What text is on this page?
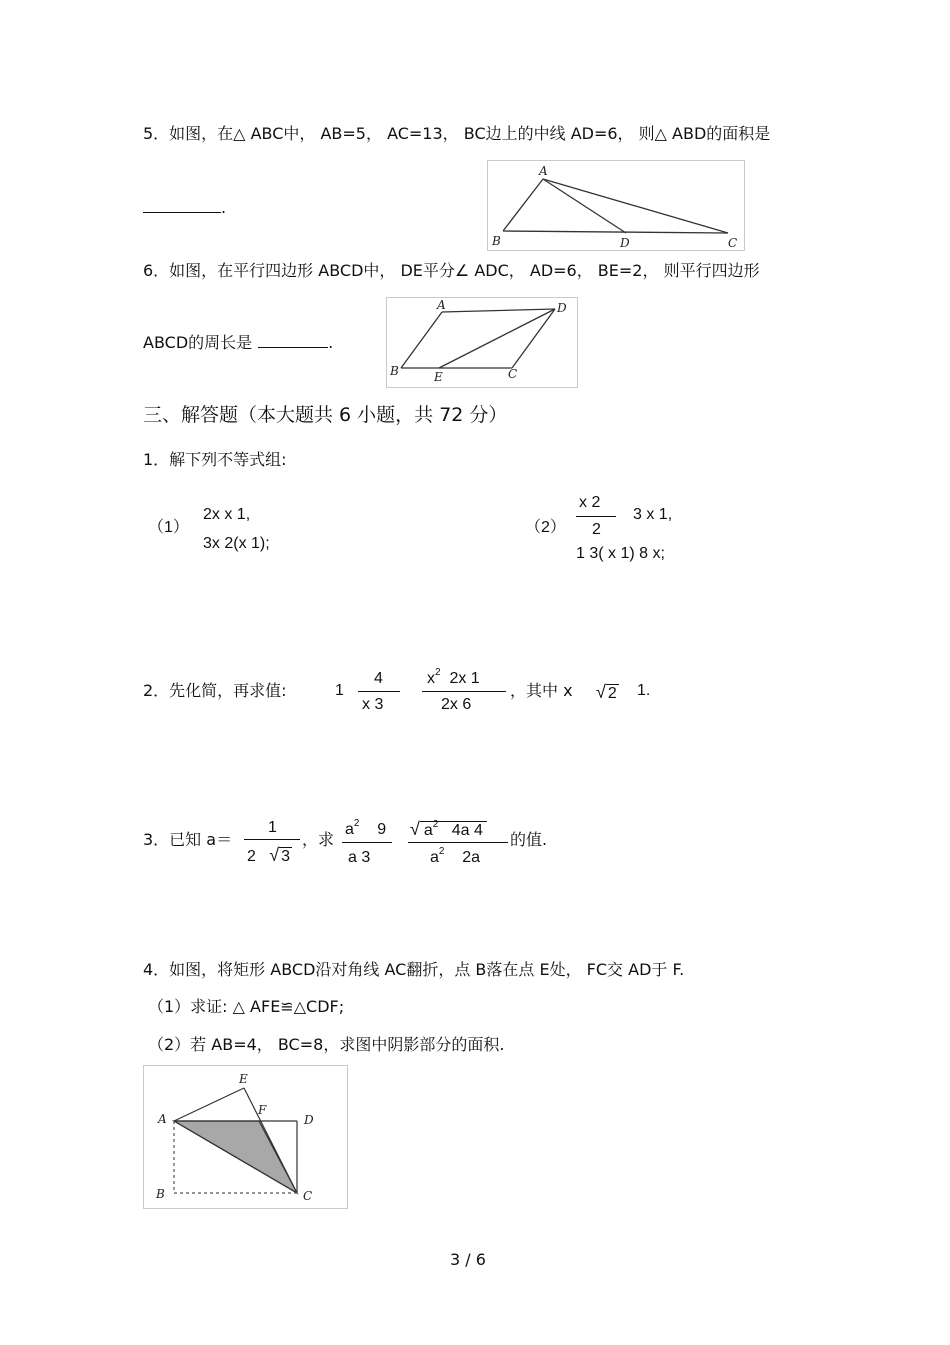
5．如图，在△ ABC中， AB=5， AC=13， BC边上的中线 AD=6， 则△ ABD的面积是
.
A
B	D	C
6．如图，在平行四边形 ABCD中， DE平分∠ ADC， AD=6， BE=2， 则平行四边形
ABCD的周长是	.
A	D
B	E	C
三、解答题（本大题共 6 小题，共 72 分）
1．解下列不等式组:
（1）
2x x 1,
3x 2(x 1);
（2）
x 2
2
3 x 1,
1 3( x 1) 8 x;
2．先化简，再求值:	1
4
x 3
$x^2$ 2x 1
2x 6
，其中 x √ 2 1.
3．已知 a＝
1
2 √ 3
，求
$a^2$ 9
a 3
√ $a^2$ 4a 4
$a^2$ 2a
的值.
4．如图，将矩形 ABCD沿对角线 AC翻折，点 B落在点 E处， FC交 AD于 F.
（1）求证: △ AFE≌△CDF;
（2）若 AB=4， BC=8，求图中阴影部分的面积.
A
E
F
D
B	C
3 / 6
